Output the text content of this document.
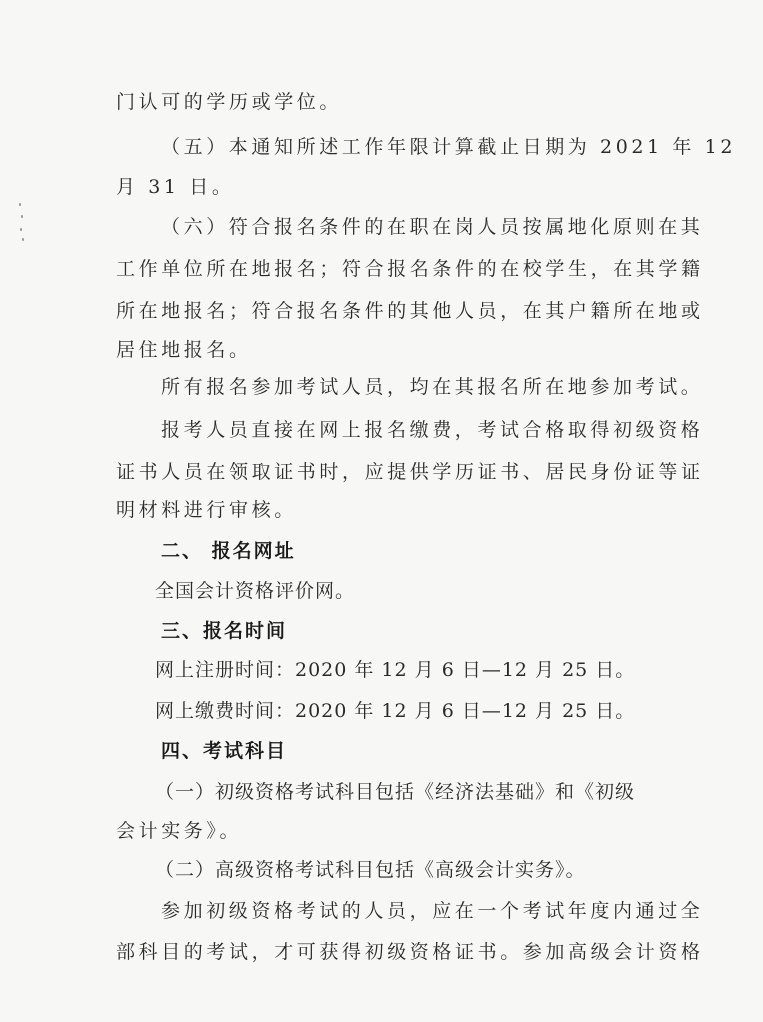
门认可的学历或学位。
（五）本通知所述工作年限计算截止日期为 2021 年 12
月 31 日。
（六）符合报名条件的在职在岗人员按属地化原则在其
工作单位所在地报名；符合报名条件的在校学生，在其学籍
所在地报名；符合报名条件的其他人员，在其户籍所在地或
居住地报名。
所有报名参加考试人员，均在其报名所在地参加考试。
报考人员直接在网上报名缴费，考试合格取得初级资格
证书人员在领取证书时，应提供学历证书、居民身份证等证
明材料进行审核。
二、 报名网址
全国会计资格评价网。
三、报名时间
网上注册时间：2020 年 12 月 6 日—12 月 25 日。
网上缴费时间：2020 年 12 月 6 日—12 月 25 日。
四、考试科目
（一）初级资格考试科目包括《经济法基础》和《初级
会计实务》。
（二）高级资格考试科目包括《高级会计实务》。
参加初级资格考试的人员，应在一个考试年度内通过全
部科目的考试，才可获得初级资格证书。参加高级会计资格
